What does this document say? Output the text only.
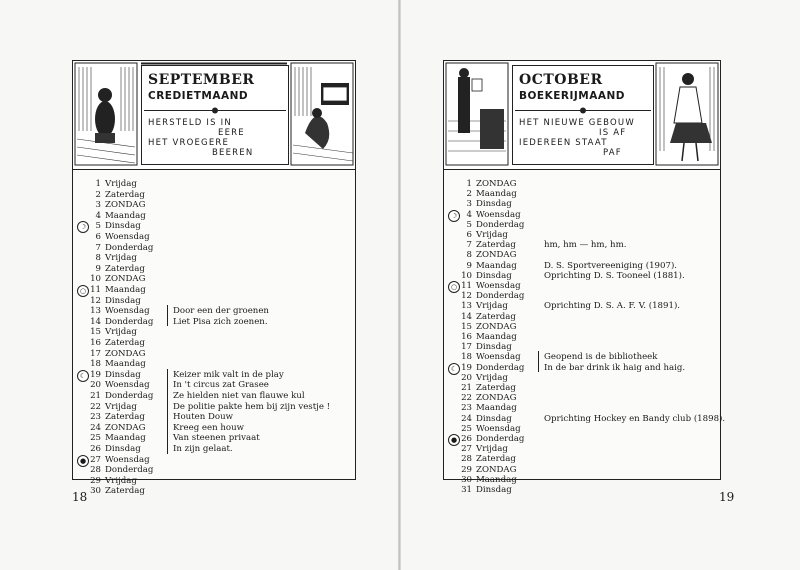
SEPTEMBER
CREDIETMAAND
HERSTELD IS IN
EERE
HET VROEGERE
BEEREN
1 Vrijdag
2 Zaterdag
3 ZONDAG
4 Maandag
☽	5 Dinsdag
6 Woensdag
7 Donderdag
8 Vrijdag
9 Zaterdag
10 ZONDAG
○ 11 Maandag
12 Dinsdag
13 Woensdag
14 Donderdag
15 Vrijdag
16 Zaterdag
17 ZONDAG
18 Maandag
☾ 19 Dinsdag
20 Woensdag
21 Donderdag
22 Vrijdag
23 Zaterdag
24 ZONDAG
25 Maandag
26 Dinsdag
● 27 Woensdag
28 Donderdag
29 Vrijdag
30 Zaterdag
Door een der groenen
Liet Pisa zich zoenen.
Keizer mik valt in de play
In 't circus zat Grasee
Ze hielden niet van flauwe kul
De politie pakte hem bij zijn vestje !
Houten Douw
Kreeg een houw
Van steenen privaat
In zijn gelaat.
18
OCTOBER
BOEKERIJMAAND
HET NIEUWE GEBOUW
IS AF
IEDEREEN STAAT
PAF
1 ZONDAG
2 Maandag
3 Dinsdag
☽	4 Woensdag
5 Donderdag
6 Vrijdag
7 Zaterdag
8 ZONDAG
9 Maandag
10 Dinsdag
○ 11 Woensdag
12 Donderdag
13 Vrijdag
14 Zaterdag
15 ZONDAG
16 Maandag
17 Dinsdag
18 Woensdag
☾ 19 Donderdag
20 Vrijdag
21 Zaterdag
22 ZONDAG
23 Maandag
24 Dinsdag
25 Woensdag
● 26 Donderdag
27 Vrijdag
28 Zaterdag
29 ZONDAG
30 Maandag
31 Dinsdag
hm, hm — hm, hm.
D. S. Sportvereeniging (1907).
Oprichting D. S. Tooneel (1881).
Oprichting D. S. A. F. V. (1891).
Geopend is de bibliotheek
In de bar drink ik haig and haig.
Oprichting Hockey en Bandy club (1898).
19
